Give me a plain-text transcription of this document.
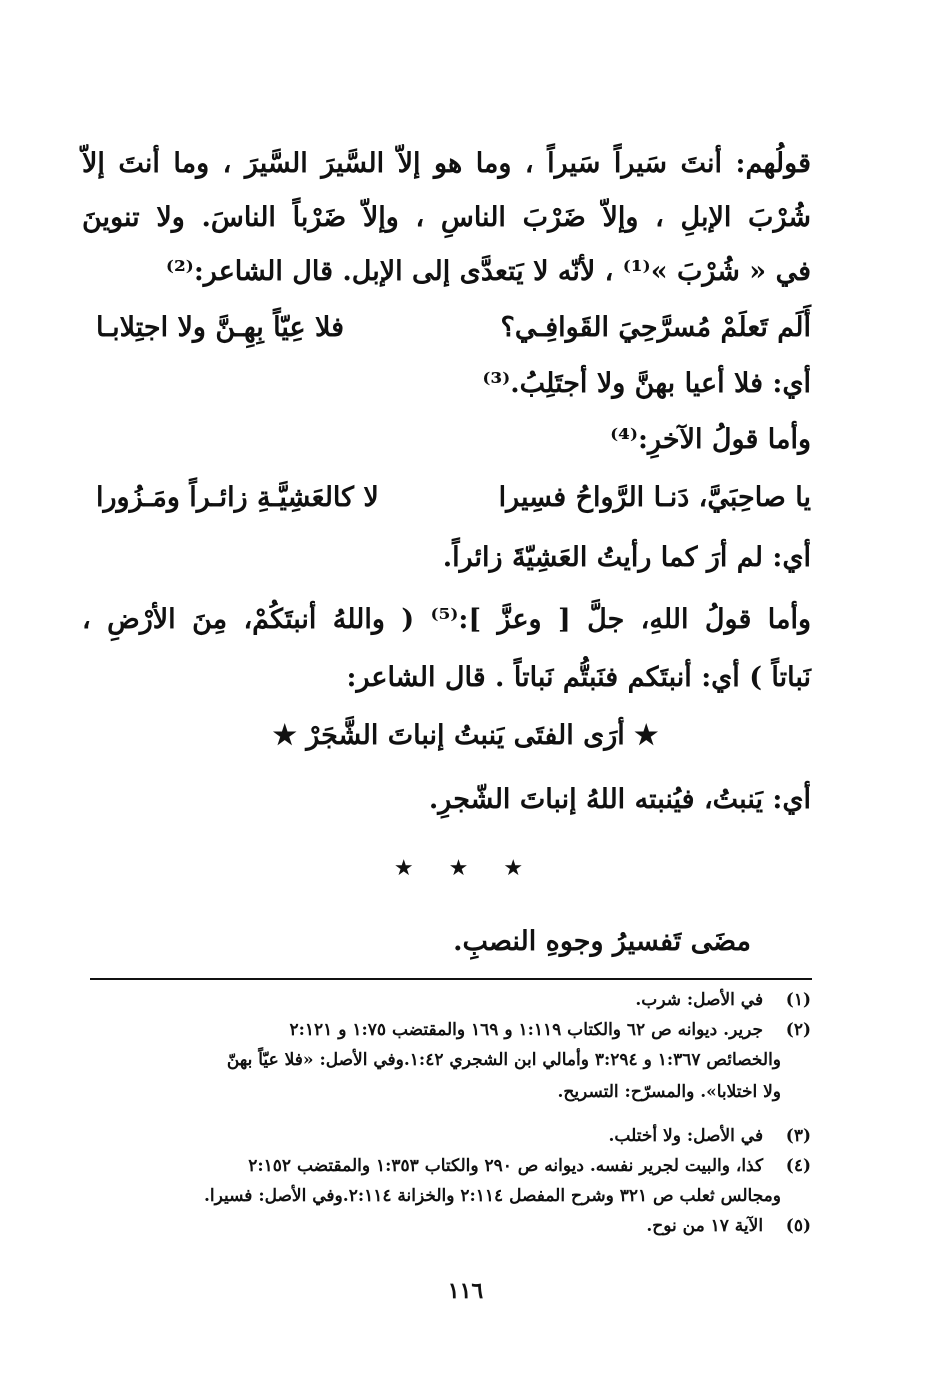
قولُهم: أنتَ سَيراً سَيراً ، وما هو إلاّ السَّيرَ السَّيرَ ، وما أنتَ إلاّ
شُرْبَ الإبلِ ، وإلاّ ضَرْبَ الناسِ ، وإلاّ ضَرْباً الناسَ. ولا تنوينَ
في « شُرْبَ »⁽¹⁾ ، لأنّه لا يَتعدَّى إلى الإبل. قال الشاعر:⁽²⁾
أَلَم تَعلَمْ مُسرَّحِيَ القَوافِـي؟
فلا عِيّاً بِهِـنَّ ولا اجتِلابـا
أي: فلا أعيا بهنَّ ولا أجتَلِبُ.⁽³⁾
وأما قولُ الآخرِ:⁽⁴⁾
يا صاحِبَيَّ، دَنـا الرَّواحُ فسِيرا
لا كالعَشِيَّـةِ زائـراً ومَـزُورا
أي: لم أرَ كما رأيتُ العَشِيّةَ زائراً.
وأما قولُ اللهِ، جلَّ [ وعزَّ ]:⁽⁵⁾ ( واللهُ أنبتَكُمْ، مِنَ الأرْضِ ،
نَباتاً ) أي: أنبتَكم فنَبتُّم نَباتاً . قال الشاعر:
★ أرَى الفتَى يَنبتُ إنباتَ الشَّجَرْ ★
أي: يَنبتُ، فيُنبته اللهُ إنباتَ الشّجرِ.
★ ★ ★
مضَى تَفسيرُ وجوهِ النصبِ.
(١) في الأصل: شرب.
(٢) جرير. ديوانه ص ٦٢ والكتاب ١:١١٩ و ١٦٩ والمقتضب ١:٧٥ و ٢:١٢١
والخصائص ١:٣٦٧ و ٣:٢٩٤ وأمالي ابن الشجري ١:٤٢.وفي الأصل: «فلا عيّاً بهنّ
ولا اختلابا». والمسرّح: التسريح.
(٣) في الأصل: ولا أختلب.
(٤) كذا، والبيت لجرير نفسه. ديوانه ص ٢٩٠ والكتاب ١:٣٥٣ والمقتضب ٢:١٥٢
ومجالس ثعلب ص ٣٢١ وشرح المفصل ٢:١١٤ والخزانة ٢:١١٤.وفي الأصل: فسيرا.
(٥) الآية ١٧ من نوح.
١١٦
